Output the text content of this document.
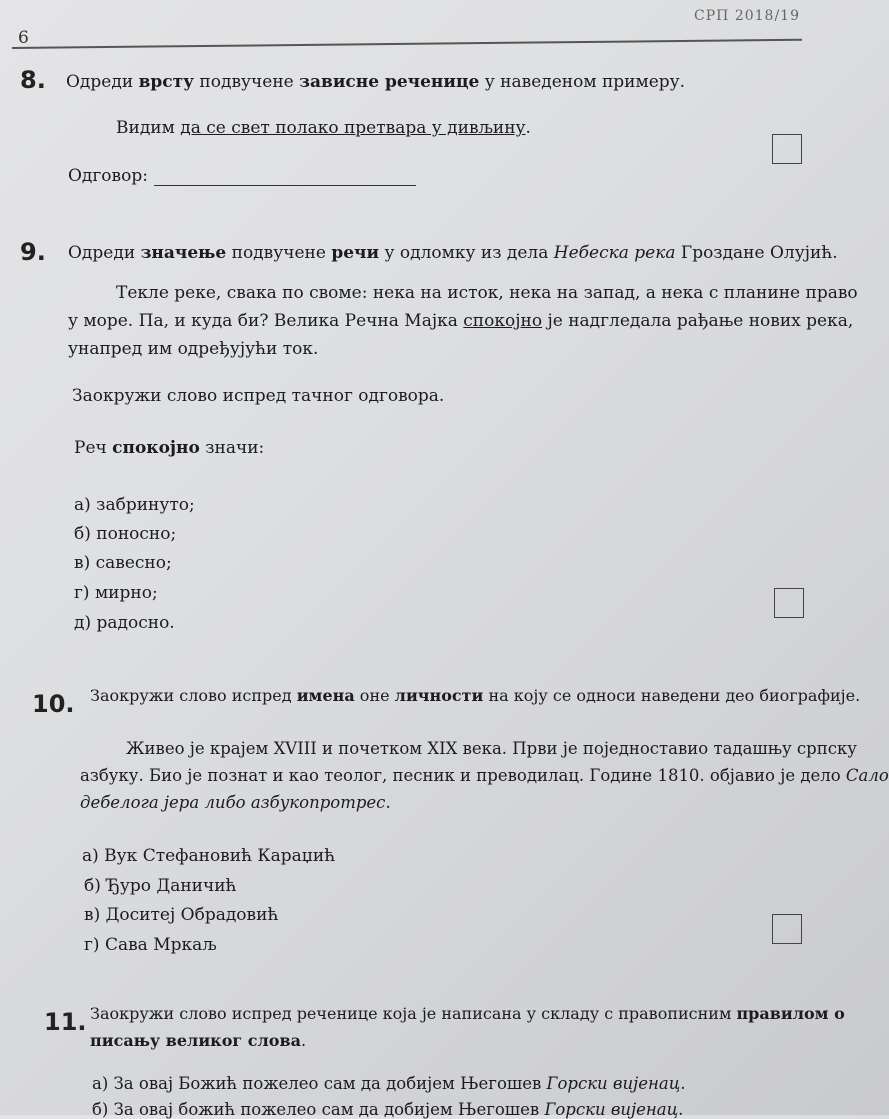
6
СРП 2018/19
8. Одреди врсту подвучене зависне реченице у наведеном примеру.
Видим да се свет полако претвара у дивљину.
Одговор:
9. Одреди значење подвучене речи у одломку из дела Небеска река Гроздане Олујић.
Текле реке, свака по своме: нека на исток, нека на запад, а нека с планине право
у море. Па, и куда би? Велика Речна Мајка спокојно је надгледала рађање нових река,
унапред им одређујући ток.
Заокружи слово испред тачног одговора.
Реч спокојно значи:
а) забринуто;
б) поносно;
в) савесно;
г) мирно;
д) радосно.
10. Заокружи слово испред имена оне личности на коју се односи наведени део биографије.
Живео је крајем XVIII и почетком XIX века. Први је поједноставио тадашњу српску
азбуку. Био је познат и као теолог, песник и преводилац. Године 1810. објавио је дело Сало
дебелога јера либо азбукопротрес.
а) Вук Стефановић Караџић
б) Ђуро Даничић
в) Доситеј Обрадовић
г) Сава Мркаљ
11. Заокружи слово испред реченице која је написана у складу с правописним правилом о
писању великог слова.
а) За овај Божић пожелео сам да добијем Његошев Горски вијенац.
б) За овај божић пожелео сам да добијем Његошев Горски вијенац.
